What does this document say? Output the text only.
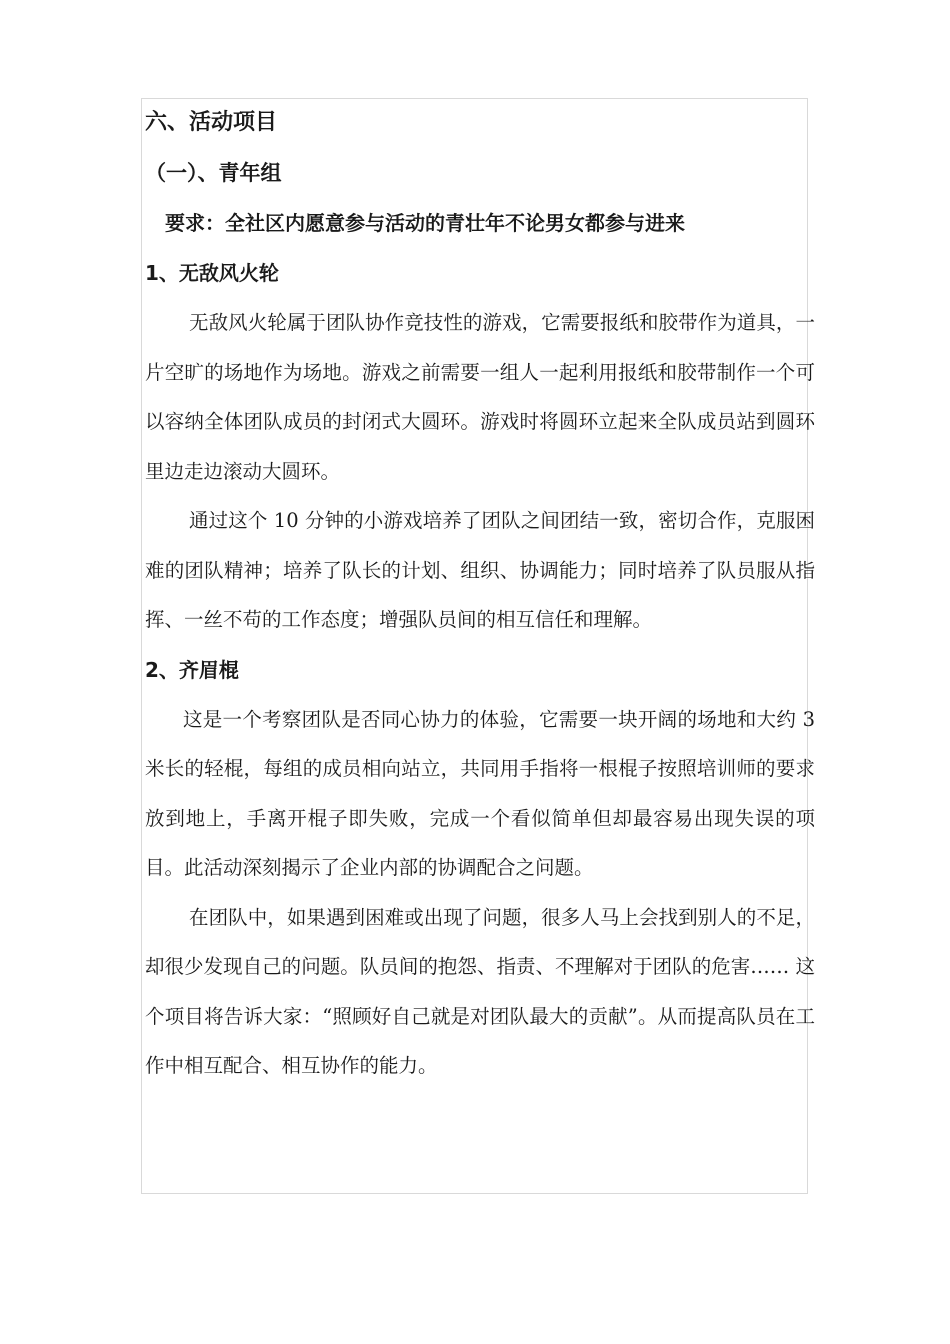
六、活动项目

（一）、青年组

要求：全社区内愿意参与活动的青壮年不论男女都参与进来

1、无敌风火轮

无敌风火轮属于团队协作竞技性的游戏，它需要报纸和胶带作为道具，一片空旷的场地作为场地。游戏之前需要一组人一起利用报纸和胶带制作一个可以容纳全体团队成员的封闭式大圆环。游戏时将圆环立起来全队成员站到圆环里边走边滚动大圆环。

通过这个 10 分钟的小游戏培养了团队之间团结一致，密切合作，克服困难的团队精神；培养了队长的计划、组织、协调能力；同时培养了队员服从指挥、一丝不苟的工作态度；增强队员间的相互信任和理解。

2、齐眉棍

这是一个考察团队是否同心协力的体验，它需要一块开阔的场地和大约 3 米长的轻棍，每组的成员相向站立，共同用手指将一根棍子按照培训师的要求放到地上，手离开棍子即失败，完成一个看似简单但却最容易出现失误的项目。此活动深刻揭示了企业内部的协调配合之问题。

在团队中，如果遇到困难或出现了问题，很多人马上会找到别人的不足，却很少发现自己的问题。队员间的抱怨、指责、不理解对于团队的危害…… 这个项目将告诉大家：“照顾好自己就是对团队最大的贡献”。从而提高队员在工作中相互配合、相互协作的能力。
